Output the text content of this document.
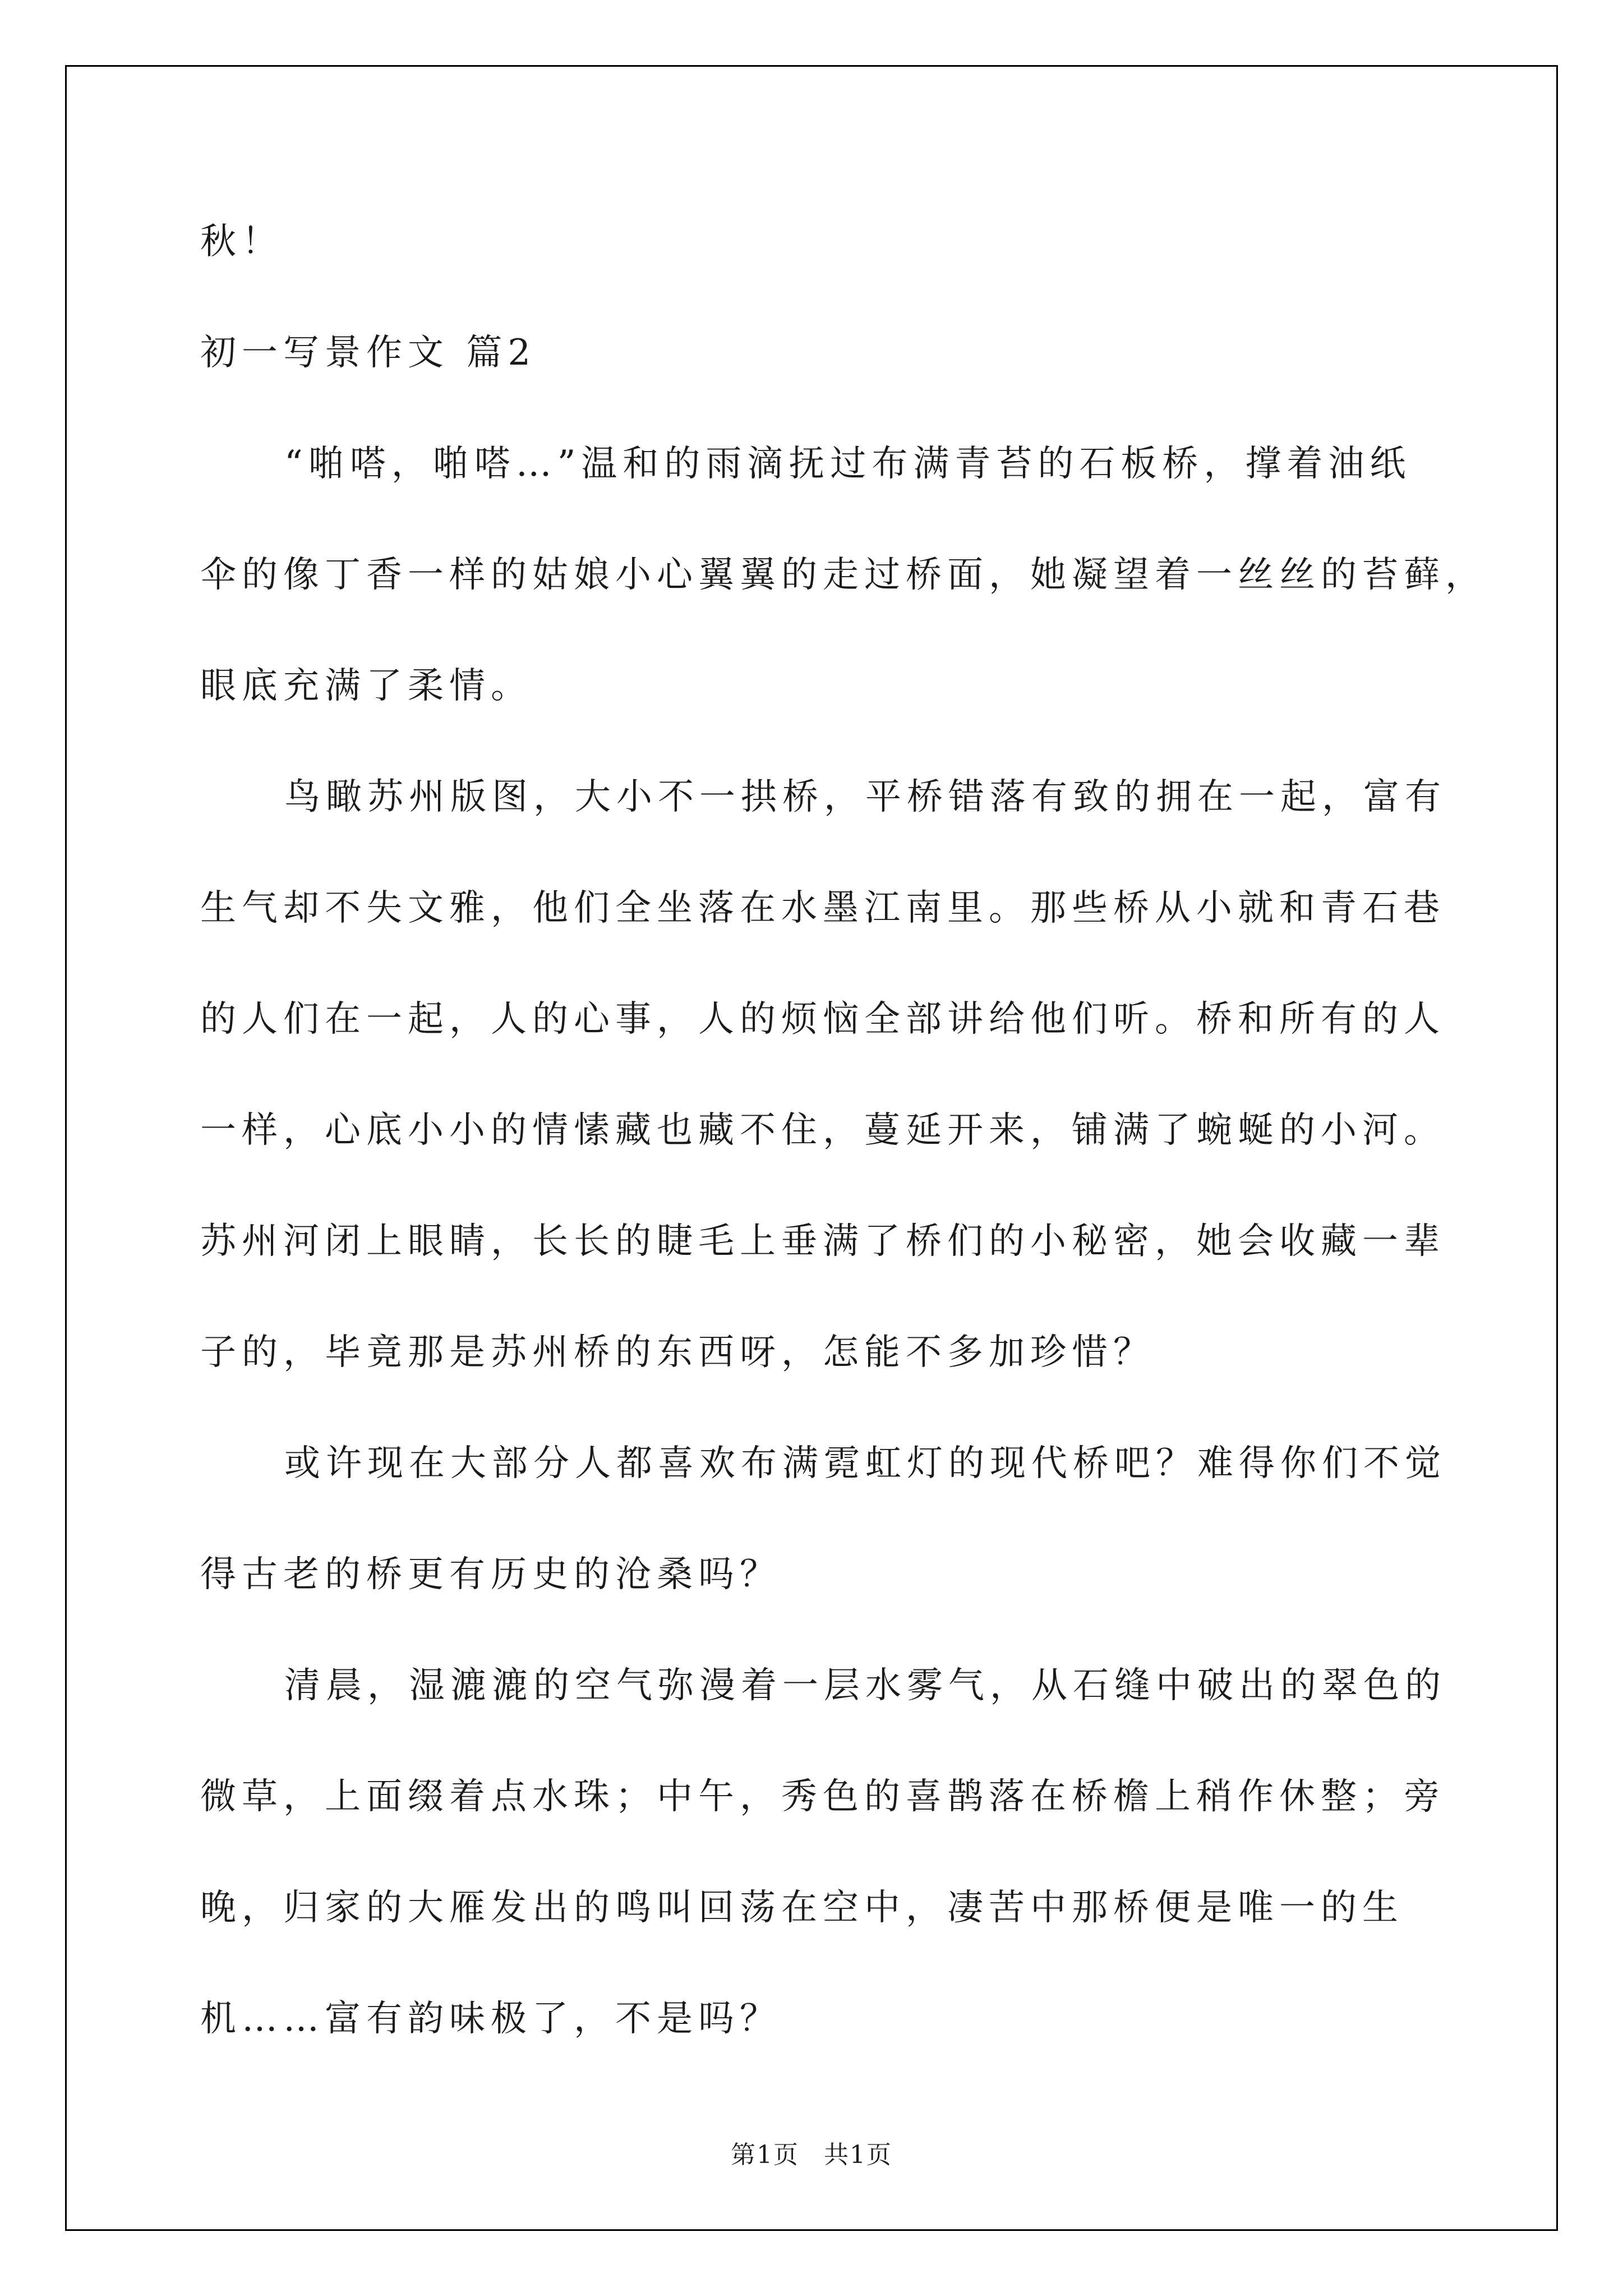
秋！

初一写景作文 篇2

“啪嗒，啪嗒…”温和的雨滴抚过布满青苔的石板桥，撑着油纸

伞的像丁香一样的姑娘小心翼翼的走过桥面，她凝望着一丝丝的苔藓，

眼底充满了柔情。

鸟瞰苏州版图，大小不一拱桥，平桥错落有致的拥在一起，富有

生气却不失文雅，他们全坐落在水墨江南里。那些桥从小就和青石巷

的人们在一起，人的心事，人的烦恼全部讲给他们听。桥和所有的人

一样，心底小小的情愫藏也藏不住，蔓延开来，铺满了蜿蜒的小河。

苏州河闭上眼睛，长长的睫毛上垂满了桥们的小秘密，她会收藏一辈

子的，毕竟那是苏州桥的东西呀，怎能不多加珍惜？

或许现在大部分人都喜欢布满霓虹灯的现代桥吧？难得你们不觉

得古老的桥更有历史的沧桑吗？

清晨，湿漉漉的空气弥漫着一层水雾气，从石缝中破出的翠色的

微草，上面缀着点水珠；中午，秀色的喜鹊落在桥檐上稍作休整；旁

晚，归家的大雁发出的鸣叫回荡在空中，凄苦中那桥便是唯一的生

机……富有韵味极了，不是吗？

第1页 共1页
